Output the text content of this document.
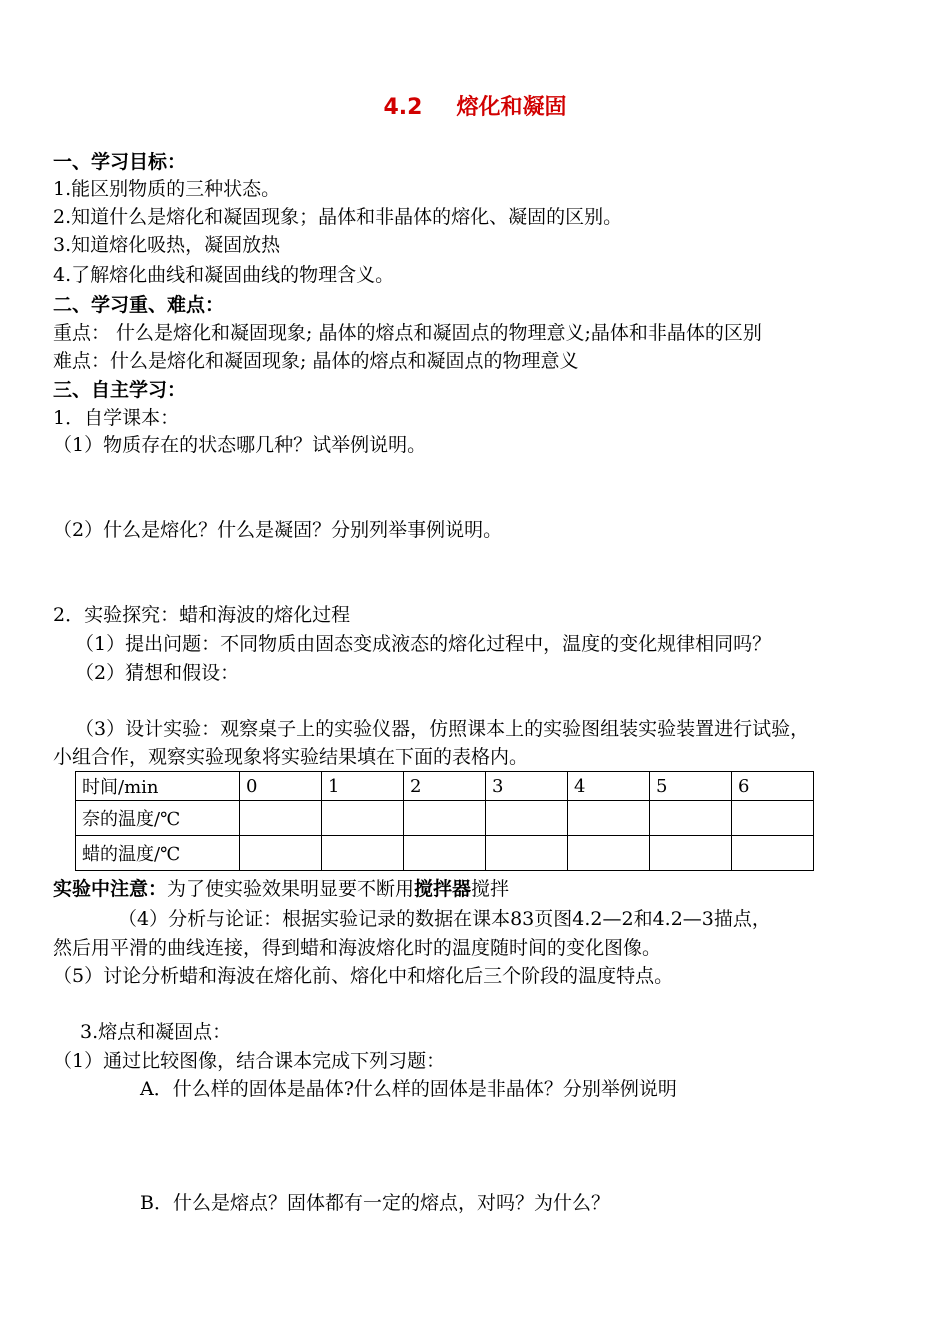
4.2 熔化和凝固
一、学习目标：
1.能区别物质的三种状态。
2.知道什么是熔化和凝固现象；晶体和非晶体的熔化、凝固的区别。
3.知道熔化吸热，凝固放热
4.了解熔化曲线和凝固曲线的物理含义。
二、学习重、难点：
重点： 什么是熔化和凝固现象; 晶体的熔点和凝固点的物理意义;晶体和非晶体的区别
难点：什么是熔化和凝固现象; 晶体的熔点和凝固点的物理意义
三、自主学习：
1．自学课本：
（1）物质存在的状态哪几种？试举例说明。
（2）什么是熔化？什么是凝固？分别列举事例说明。
2．实验探究：蜡和海波的熔化过程
（1）提出问题：不同物质由固态变成液态的熔化过程中，温度的变化规律相同吗？
（2）猜想和假设：
（3）设计实验：观察桌子上的实验仪器，仿照课本上的实验图组装实验装置进行试验，
小组合作，观察实验现象将实验结果填在下面的表格内。
时间/min	0	1	2	3	4	5	6
奈的温度/℃							
蜡的温度/℃							
实验中注意：为了使实验效果明显要不断用搅拌器搅拌
（4）分析与论证：根据实验记录的数据在课本83页图4.2—2和4.2—3描点，
然后用平滑的曲线连接，得到蜡和海波熔化时的温度随时间的变化图像。
（5）讨论分析蜡和海波在熔化前、熔化中和熔化后三个阶段的温度特点。
3.熔点和凝固点：
（1）通过比较图像，结合课本完成下列习题：
A．什么样的固体是晶体?什么样的固体是非晶体？分别举例说明
B．什么是熔点？固体都有一定的熔点，对吗？为什么？
